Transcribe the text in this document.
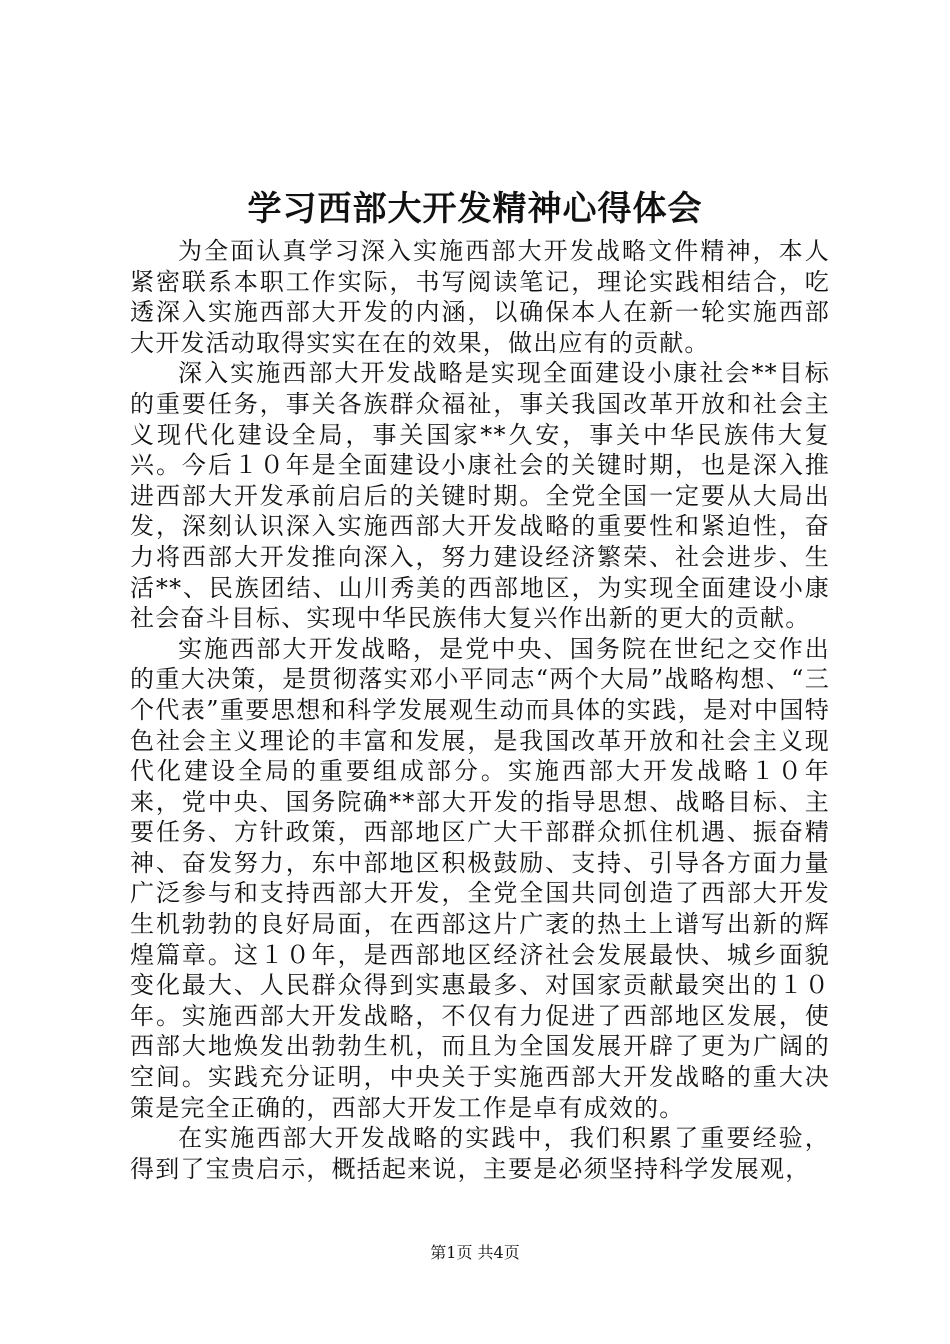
学习西部大开发精神心得体会

为全面认真学习深入实施西部大开发战略文件精神，本人紧密联系本职工作实际，书写阅读笔记，理论实践相结合，吃透深入实施西部大开发的内涵，以确保本人在新一轮实施西部大开发活动取得实实在在的效果，做出应有的贡献。

深入实施西部大开发战略是实现全面建设小康社会**目标的重要任务，事关各族群众福祉，事关我国改革开放和社会主义现代化建设全局，事关国家**久安，事关中华民族伟大复兴。今后１０年是全面建设小康社会的关键时期，也是深入推进西部大开发承前启后的关键时期。全党全国一定要从大局出发，深刻认识深入实施西部大开发战略的重要性和紧迫性，奋力将西部大开发推向深入，努力建设经济繁荣、社会进步、生活**、民族团结、山川秀美的西部地区，为实现全面建设小康社会奋斗目标、实现中华民族伟大复兴作出新的更大的贡献。

实施西部大开发战略，是党中央、国务院在世纪之交作出的重大决策，是贯彻落实邓小平同志“两个大局”战略构想、“三个代表”重要思想和科学发展观生动而具体的实践，是对中国特色社会主义理论的丰富和发展，是我国改革开放和社会主义现代化建设全局的重要组成部分。实施西部大开发战略１０年来，党中央、国务院确**部大开发的指导思想、战略目标、主要任务、方针政策，西部地区广大干部群众抓住机遇、振奋精神、奋发努力，东中部地区积极鼓励、支持、引导各方面力量广泛参与和支持西部大开发，全党全国共同创造了西部大开发生机勃勃的良好局面，在西部这片广袤的热土上谱写出新的辉煌篇章。这１０年，是西部地区经济社会发展最快、城乡面貌变化最大、人民群众得到实惠最多、对国家贡献最突出的１０年。实施西部大开发战略，不仅有力促进了西部地区发展，使西部大地焕发出勃勃生机，而且为全国发展开辟了更为广阔的空间。实践充分证明，中央关于实施西部大开发战略的重大决策是完全正确的，西部大开发工作是卓有成效的。

在实施西部大开发战略的实践中，我们积累了重要经验，得到了宝贵启示，概括起来说，主要是必须坚持科学发展观，

第1页 共4页
